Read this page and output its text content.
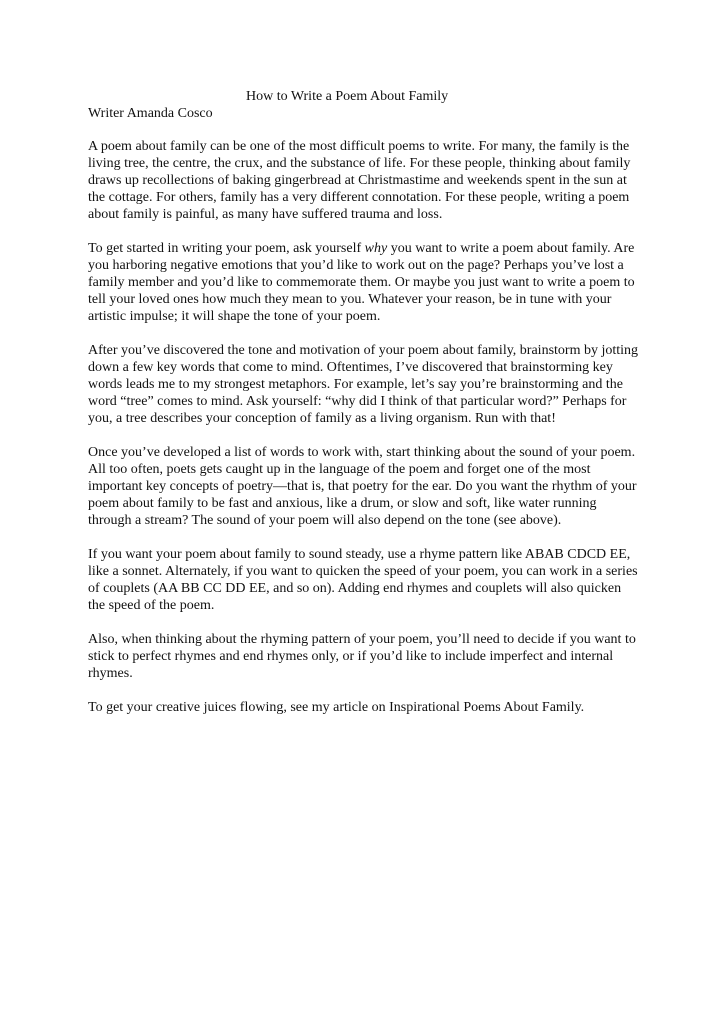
How to Write a Poem About Family
Writer Amanda Cosco

A poem about family can be one of the most difficult poems to write. For many, the family is the living tree, the centre, the crux, and the substance of life. For these people, thinking about family draws up recollections of baking gingerbread at Christmastime and weekends spent in the sun at the cottage. For others, family has a very different connotation. For these people, writing a poem about family is painful, as many have suffered trauma and loss.

To get started in writing your poem, ask yourself why you want to write a poem about family. Are you harboring negative emotions that you’d like to work out on the page? Perhaps you’ve lost a family member and you’d like to commemorate them. Or maybe you just want to write a poem to tell your loved ones how much they mean to you. Whatever your reason, be in tune with your artistic impulse; it will shape the tone of your poem.

After you’ve discovered the tone and motivation of your poem about family, brainstorm by jotting down a few key words that come to mind. Oftentimes, I’ve discovered that brainstorming key words leads me to my strongest metaphors. For example, let’s say you’re brainstorming and the word “tree” comes to mind. Ask yourself: “why did I think of that particular word?” Perhaps for you, a tree describes your conception of family as a living organism. Run with that!

Once you’ve developed a list of words to work with, start thinking about the sound of your poem. All too often, poets gets caught up in the language of the poem and forget one of the most important key concepts of poetry—that is, that poetry for the ear. Do you want the rhythm of your poem about family to be fast and anxious, like a drum, or slow and soft, like water running through a stream? The sound of your poem will also depend on the tone (see above).

If you want your poem about family to sound steady, use a rhyme pattern like ABAB CDCD EE, like a sonnet. Alternately, if you want to quicken the speed of your poem, you can work in a series of couplets (AA BB CC DD EE, and so on). Adding end rhymes and couplets will also quicken the speed of the poem.

Also, when thinking about the rhyming pattern of your poem, you’ll need to decide if you want to stick to perfect rhymes and end rhymes only, or if you’d like to include imperfect and internal rhymes.

To get your creative juices flowing, see my article on Inspirational Poems About Family.
